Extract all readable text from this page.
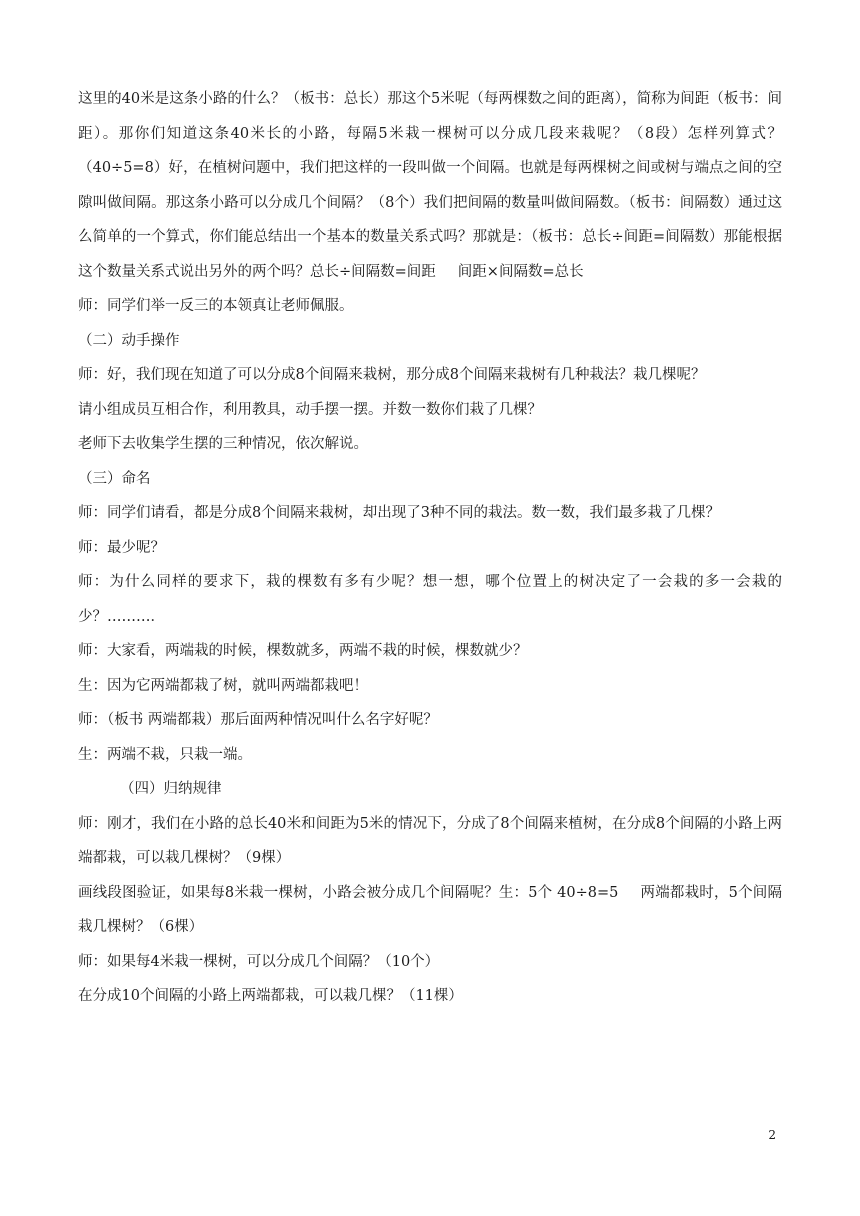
这里的40米是这条小路的什么？（板书：总长）那这个5米呢（每两棵数之间的距离），简称为间距（板书：间距）。那你们知道这条40米长的小路，每隔5米栽一棵树可以分成几段来栽呢？（8段）怎样列算式？（40÷5=8）好，在植树问题中，我们把这样的一段叫做一个间隔。也就是每两棵树之间或树与端点之间的空隙叫做间隔。那这条小路可以分成几个间隔？（8个）我们把间隔的数量叫做间隔数。（板书：间隔数）通过这么简单的一个算式，你们能总结出一个基本的数量关系式吗？那就是：（板书：总长÷间距=间隔数）那能根据这个数量关系式说出另外的两个吗？总长÷间隔数=间距 间距×间隔数=总长

师：同学们举一反三的本领真让老师佩服。

（二）动手操作

师：好，我们现在知道了可以分成8个间隔来栽树，那分成8个间隔来栽树有几种栽法？栽几棵呢？

请小组成员互相合作，利用教具，动手摆一摆。并数一数你们栽了几棵？

老师下去收集学生摆的三种情况，依次解说。

（三）命名

师：同学们请看，都是分成8个间隔来栽树，却出现了3种不同的栽法。数一数，我们最多栽了几棵？

师：最少呢？

师：为什么同样的要求下，栽的棵数有多有少呢？想一想，哪个位置上的树决定了一会栽的多一会栽的少？………．

师：大家看，两端栽的时候，棵数就多，两端不栽的时候，棵数就少？

生：因为它两端都栽了树，就叫两端都栽吧！

师：（板书 两端都栽）那后面两种情况叫什么名字好呢？

生：两端不栽，只栽一端。

（四）归纳规律

师：刚才，我们在小路的总长40米和间距为5米的情况下，分成了8个间隔来植树，在分成8个间隔的小路上两端都栽，可以栽几棵树？（9棵）

画线段图验证，如果每8米栽一棵树，小路会被分成几个间隔呢？生：5个 40÷8=5 两端都栽时，5个间隔栽几棵树？（6棵）

师：如果每4米栽一棵树，可以分成几个间隔？（10个）

在分成10个间隔的小路上两端都栽，可以栽几棵？（11棵）

2
